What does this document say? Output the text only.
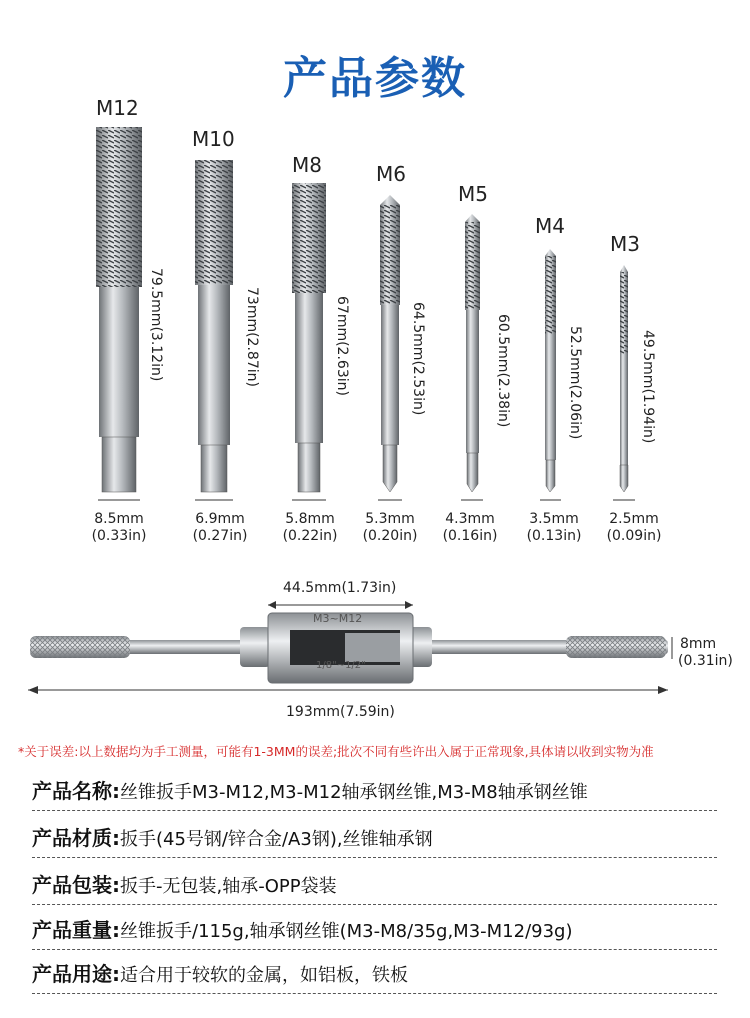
产品参数
M12
M10
M8	M6
M5
M4
M3
79.5mm(3.12in)	73mm(2.87in)	67mm(2.63in)	64.5mm(2.53in)	60.5mm(2.38in)	52.5mm(2.06in)	49.5mm(1.94in)
8.5mm
(0.33in)
6.9mm
(0.27in)
5.8mm
(0.22in)
5.3mm
(0.20in)
4.3mm
(0.16in)
3.5mm
(0.13in)
2.5mm
(0.09in)
44.5mm(1.73in)
M3~M12
1/8"~1/2"
8mm
(0.31in)
193mm(7.59in)
*关于误差:以上数据均为手工测量，可能有1-3MM的误差;批次不同有些许出入属于正常现象,具体请以收到实物为准
产品名称:丝锥扳手M3-M12,M3-M12轴承钢丝锥,M3-M8轴承钢丝锥
产品材质:扳手(45号钢/锌合金/A3钢),丝锥轴承钢
产品包装:扳手-无包装,轴承-OPP袋装
产品重量:丝锥扳手/115g,轴承钢丝锥(M3-M8/35g,M3-M12/93g)
产品用途:适合用于较软的金属，如铝板，铁板
